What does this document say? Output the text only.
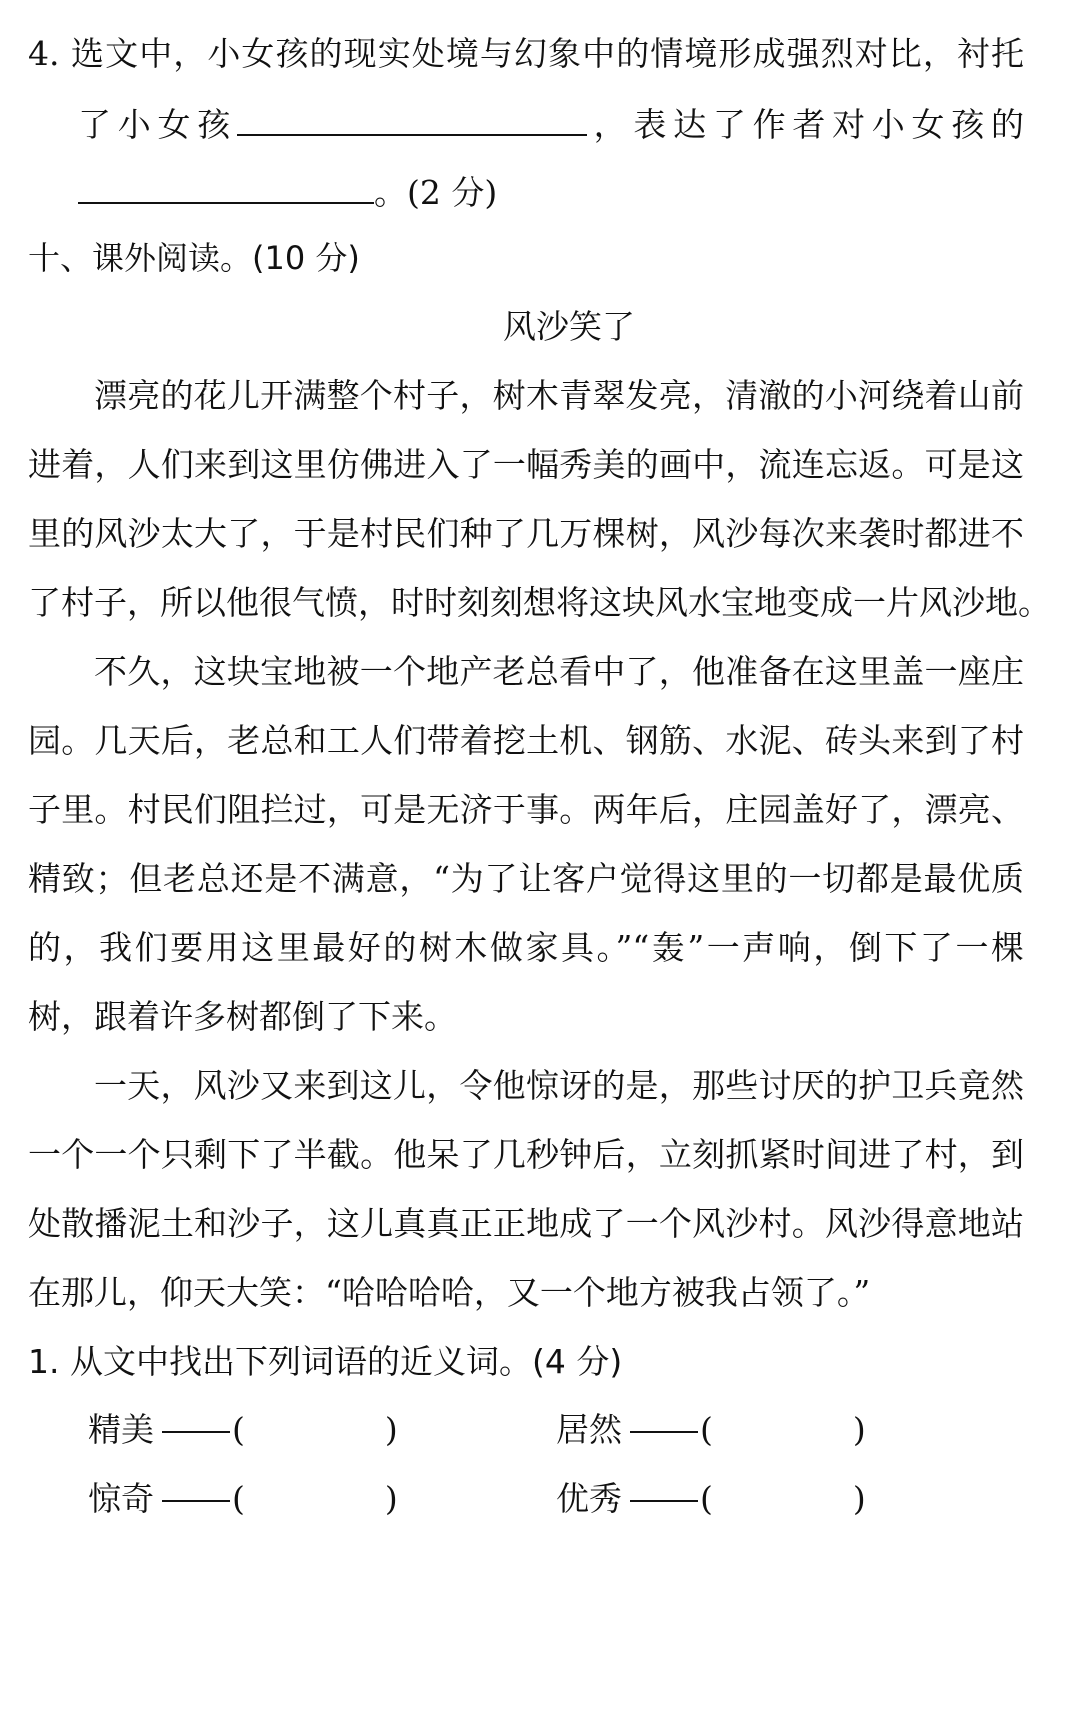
4. 选文中，小女孩的现实处境与幻象中的情境形成强烈对比，衬托
了小女孩	，表达了作者对小女孩的
。(2 分)
十、课外阅读。(10 分)
风沙笑了
漂亮的花儿开满整个村子，树木青翠发亮，清澈的小河绕着山前
进着，人们来到这里仿佛进入了一幅秀美的画中，流连忘返。可是这
里的风沙太大了，于是村民们种了几万棵树，风沙每次来袭时都进不
了村子，所以他很气愤，时时刻刻想将这块风水宝地变成一片风沙地。
不久，这块宝地被一个地产老总看中了，他准备在这里盖一座庄
园。几天后，老总和工人们带着挖土机、钢筋、水泥、砖头来到了村
子里。村民们阻拦过，可是无济于事。两年后，庄园盖好了，漂亮、
精致；但老总还是不满意，“为了让客户觉得这里的一切都是最优质
的，我们要用这里最好的树木做家具。”“轰”一声响，倒下了一棵
树，跟着许多树都倒了下来。
一天，风沙又来到这儿，令他惊讶的是，那些讨厌的护卫兵竟然
一个一个只剩下了半截。他呆了几秒钟后，立刻抓紧时间进了村，到
处散播泥土和沙子，这儿真真正正地成了一个风沙村。风沙得意地站
在那儿，仰天大笑：“哈哈哈哈，又一个地方被我占领了。”
1. 从文中找出下列词语的近义词。(4 分)
精美 (	)	居然 (	)
惊奇 (	)	优秀 (	)
